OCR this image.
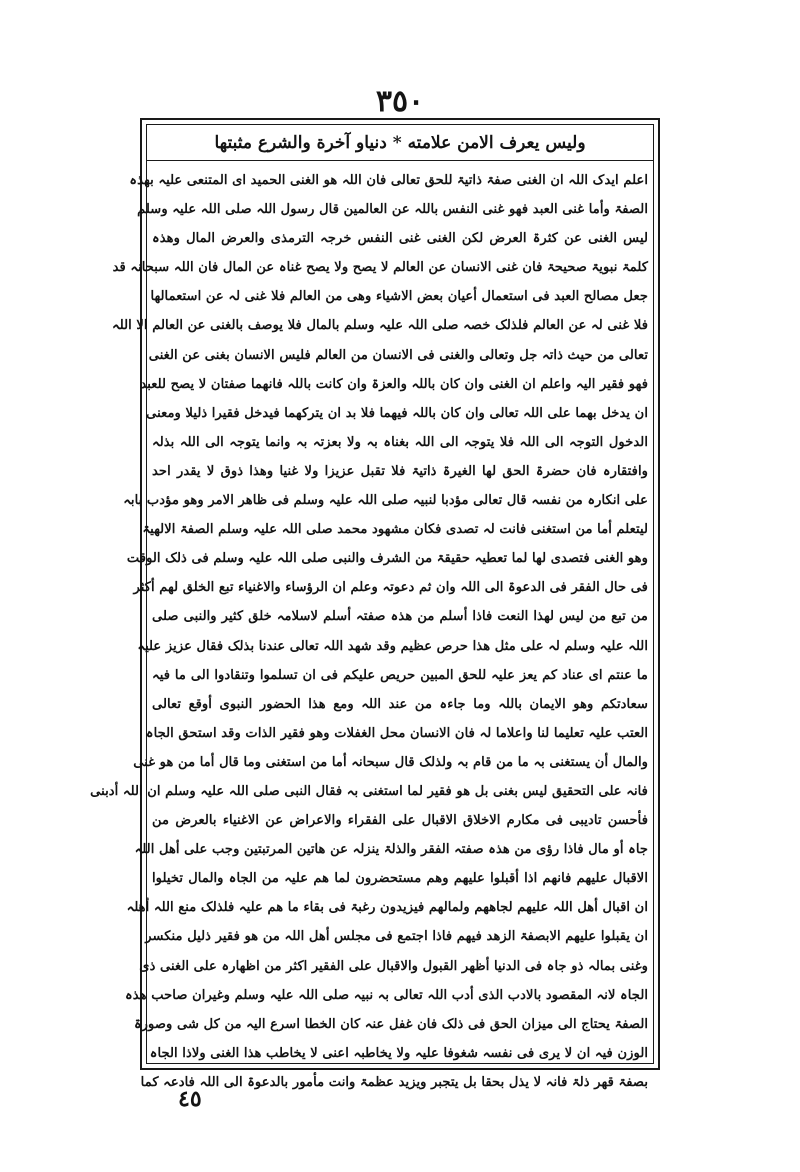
٣٥٠
ولیس یعرف الامن علامته * دنیاو آخرة والشرع مثبتها
اعلم ایدک اللہ ان الغنی صفۃ ذاتیۃ للحق تعالی فان اللہ ھو الغنی الحمید ای المتنعی علیہ بھذہ
الصفۃ وأما غنی العبد فھو غنی النفس باللہ عن العالمین قال رسول اللہ صلی اللہ علیہ وسلم
لیس الغنی عن کثرۃ العرض لکن الغنی غنی النفس خرجہ الترمذی والعرض المال وھذہ
کلمۃ نبویۃ صحیحۃ فان غنی الانسان عن العالم لا یصح ولا یصح غناہ عن المال فان اللہ سبحانہ قد
جعل مصالح العبد فی استعمال أعیان بعض الاشیاء وھی من العالم فلا غنی لہ عن استعمالھا
فلا غنی لہ عن العالم فلذلک خصہ صلی اللہ علیہ وسلم بالمال فلا یوصف بالغنی عن العالم الا اللہ
تعالی من حیث ذاتہ جل وتعالی والغنی فی الانسان من العالم فلیس الانسان بغنی عن الغنی
فھو فقیر الیہ واعلم ان الغنی وان کان باللہ والعزۃ وان کانت باللہ فانھما صفتان لا یصح للعبد
ان یدخل بھما علی اللہ تعالی وان کان باللہ فیھما فلا بد ان یترکھما فیدخل فقیرا ذلیلا ومعنی
الدخول التوجہ الی اللہ فلا یتوجہ الی اللہ بغناہ بہ ولا بعزتہ بہ وانما یتوجہ الی اللہ بذلہ
وافتقارہ فان حضرۃ الحق لھا الغیرۃ ذاتیۃ فلا تقبل عزیزا ولا غنیا وھذا ذوق لا یقدر احد
علی انکارہ من نفسہ قال تعالی مؤدبا لنبیہ صلی اللہ علیہ وسلم فی ظاھر الامر وھو مؤدب بابہ
لیتعلم أما من استغنی فانت لہ تصدی فکان مشھود محمد صلی اللہ علیہ وسلم الصفۃ الالھیۃ
وھو الغنی فتصدی لھا لما تعطیہ حقیقۃ من الشرف والنبی صلی اللہ علیہ وسلم فی ذلک الوقت
فی حال الفقر فی الدعوۃ الی اللہ وان ثم دعوتہ وعلم ان الرؤساء والاغنیاء تبع الخلق لھم أکثر
من تبع من لیس لھذا النعت فاذا أسلم من ھذہ صفتہ أسلم لاسلامہ خلق کثیر والنبی صلی
اللہ علیہ وسلم لہ علی مثل ھذا حرص عظیم وقد شھد اللہ تعالی عندنا بذلک فقال عزیز علیہ
ما عنتم ای عناد کم یعز علیہ للحق المبین حریص علیکم فی ان تسلموا وتنقادوا الی ما فیہ
سعادتکم وھو الایمان باللہ وما جاءہ من عند اللہ ومع ھذا الحضور النبوی أوقع تعالی
العتب علیہ تعلیما لنا واعلاما لہ فان الانسان محل الغفلات وھو فقیر الذات وقد استحق الجاہ
والمال أن یستغنی بہ ما من قام بہ ولذلک قال سبحانہ أما من استغنی وما قال أما من ھو غنی
فانہ علی التحقیق لیس بغنی بل ھو فقیر لما استغنی بہ فقال النبی صلی اللہ علیہ وسلم ان اللہ أدبنی
فأحسن تادیبی فی مکارم الاخلاق الاقبال علی الفقراء والاعراض عن الاغنیاء بالعرض من
جاہ أو مال فاذا رؤی من ھذہ صفتہ الفقر والذلۃ ینزلہ عن ھاتین المرتبتین وجب علی أھل اللہ
الاقبال علیھم فانھم اذا أقبلوا علیھم وھم مستحضرون لما ھم علیہ من الجاہ والمال تخیلوا
ان اقبال أھل اللہ علیھم لجاھھم ولمالھم فیزیدون رغبۃ فی بقاء ما ھم علیہ فلذلک منع اللہ أھلہ
ان یقبلوا علیھم الابصفۃ الزھد فیھم فاذا اجتمع فی مجلس أھل اللہ من ھو فقیر ذلیل منکسر
وغنی بمالہ ذو جاہ فی الدنیا أظھر القبول والاقبال علی الفقیر اکثر من اظھارہ علی الغنی ذی
الجاہ لانہ المقصود بالادب الذی أدب اللہ تعالی بہ نبیہ صلی اللہ علیہ وسلم وغیران صاحب ھذہ
الصفۃ یحتاج الی میزان الحق فی ذلک فان غفل عنہ کان الخطا اسرع الیہ من کل شی وصورۃ
الوزن فیہ ان لا یری فی نفسہ شغوفا علیہ ولا یخاطبہ اعنی لا یخاطب ھذا الغنی ولاذا الجاہ
بصفۃ قھر ذلۃ فانہ لا یذل بحقا بل یتجبر ویزید عظمۃ وانت مأمور بالدعوۃ الی اللہ فادعہ کما
٤٥
